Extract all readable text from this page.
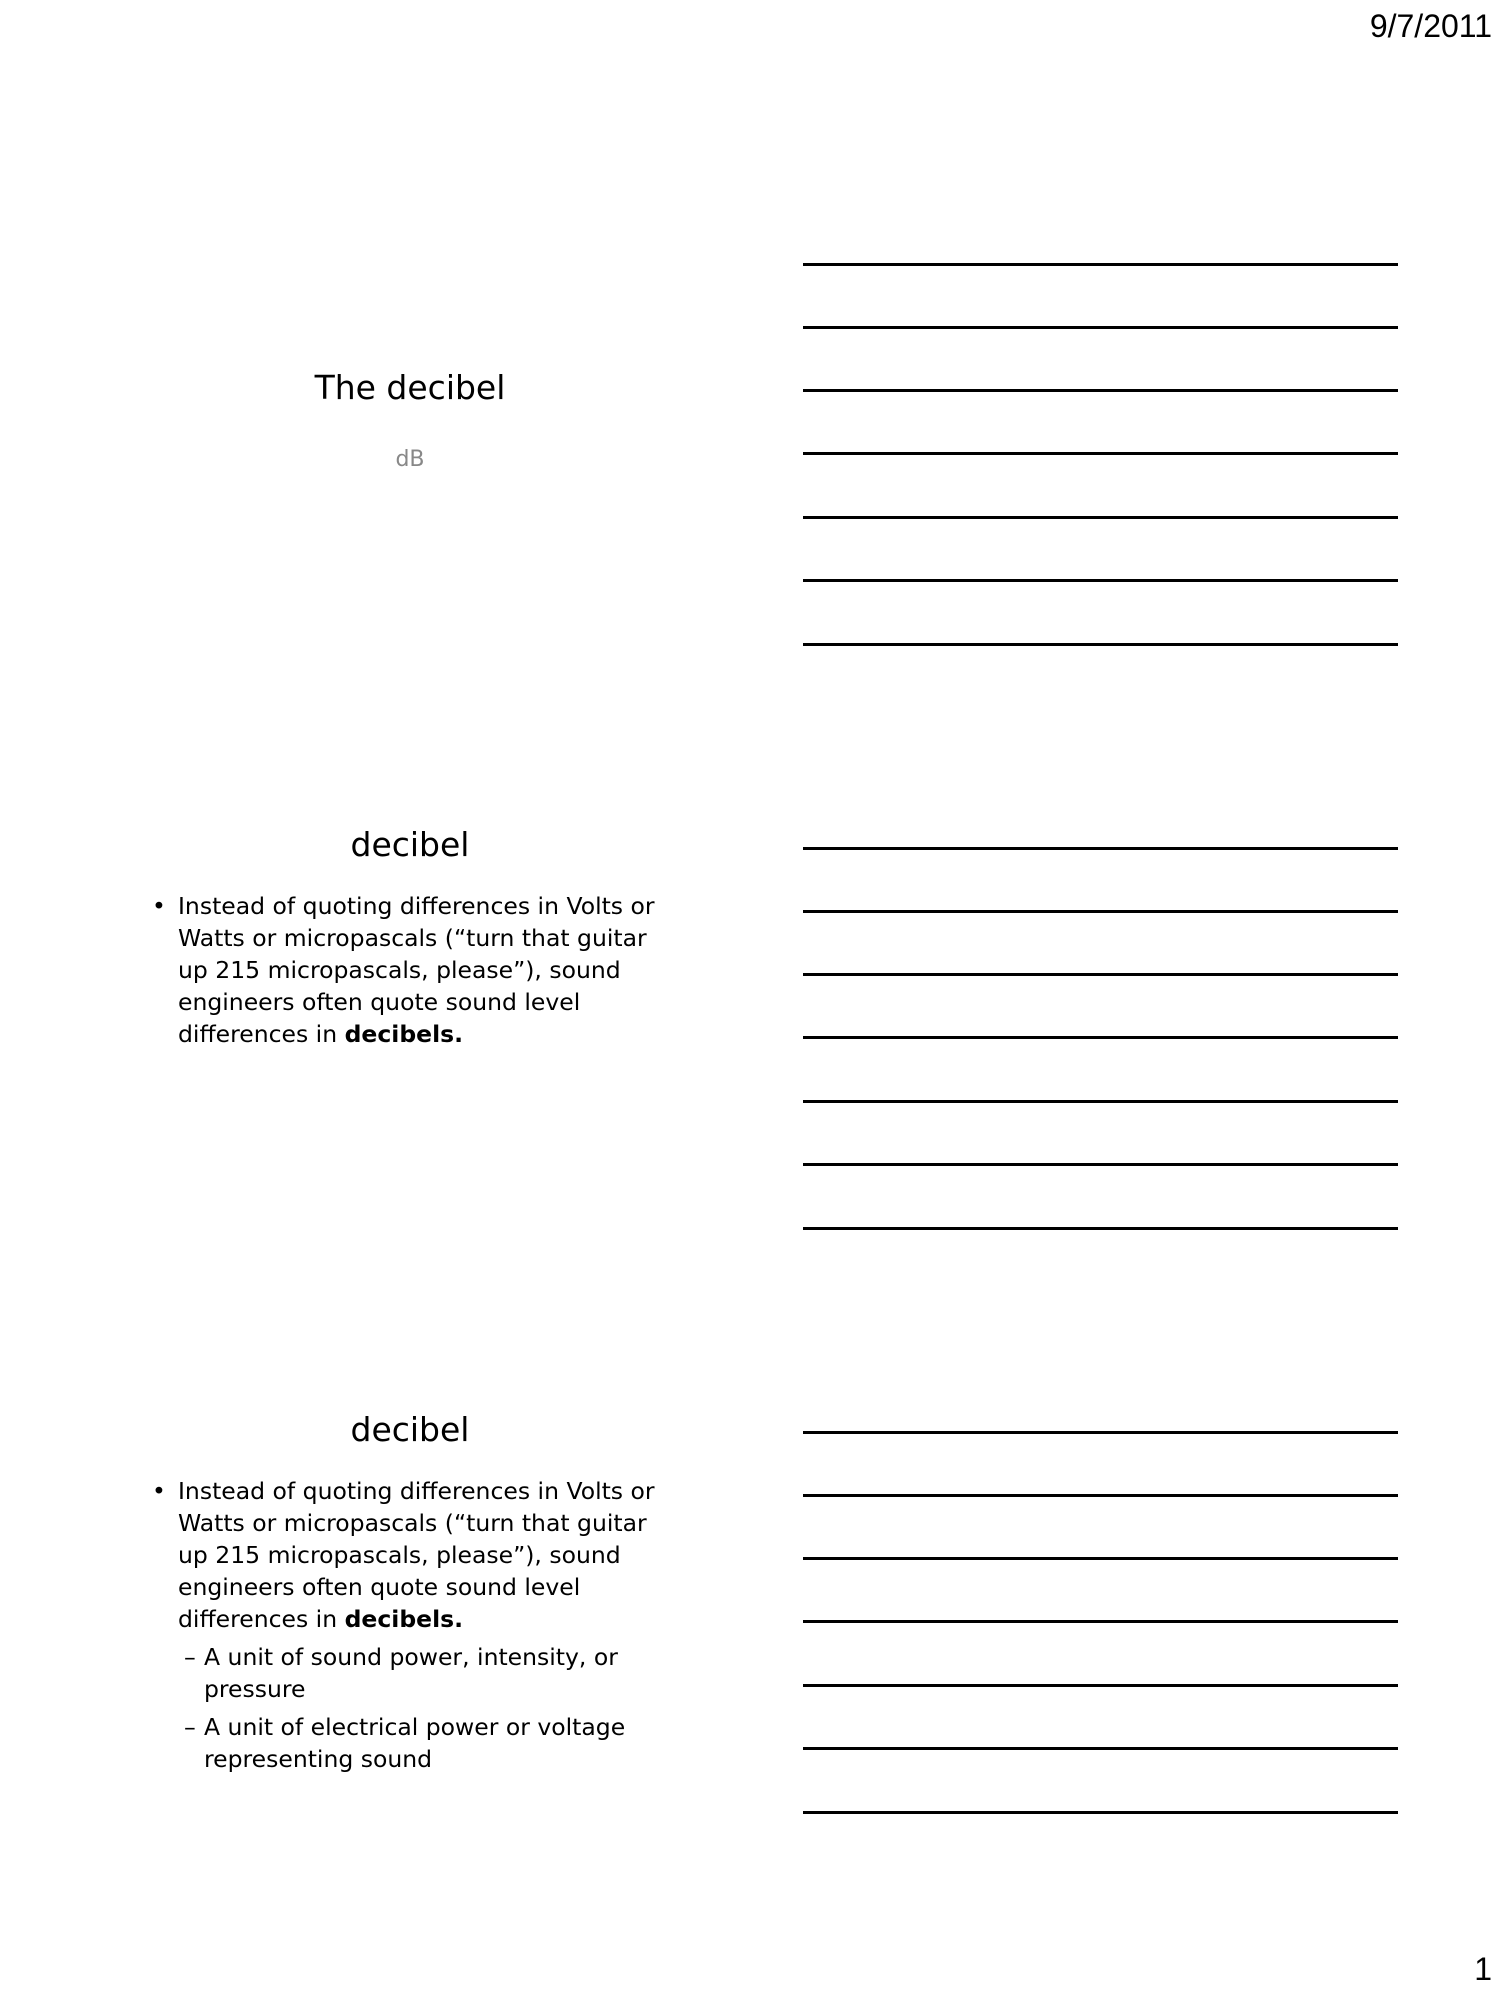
9/7/2011
The decibel
dB
decibel
• Instead of quoting differences in Volts or Watts or micropascals (“turn that guitar up 215 micropascals, please”), sound engineers often quote sound level differences in decibels.
decibel
• Instead of quoting differences in Volts or Watts or micropascals (“turn that guitar up 215 micropascals, please”), sound engineers often quote sound level differences in decibels.
– A unit of sound power, intensity, or pressure
– A unit of electrical power or voltage representing sound
1
